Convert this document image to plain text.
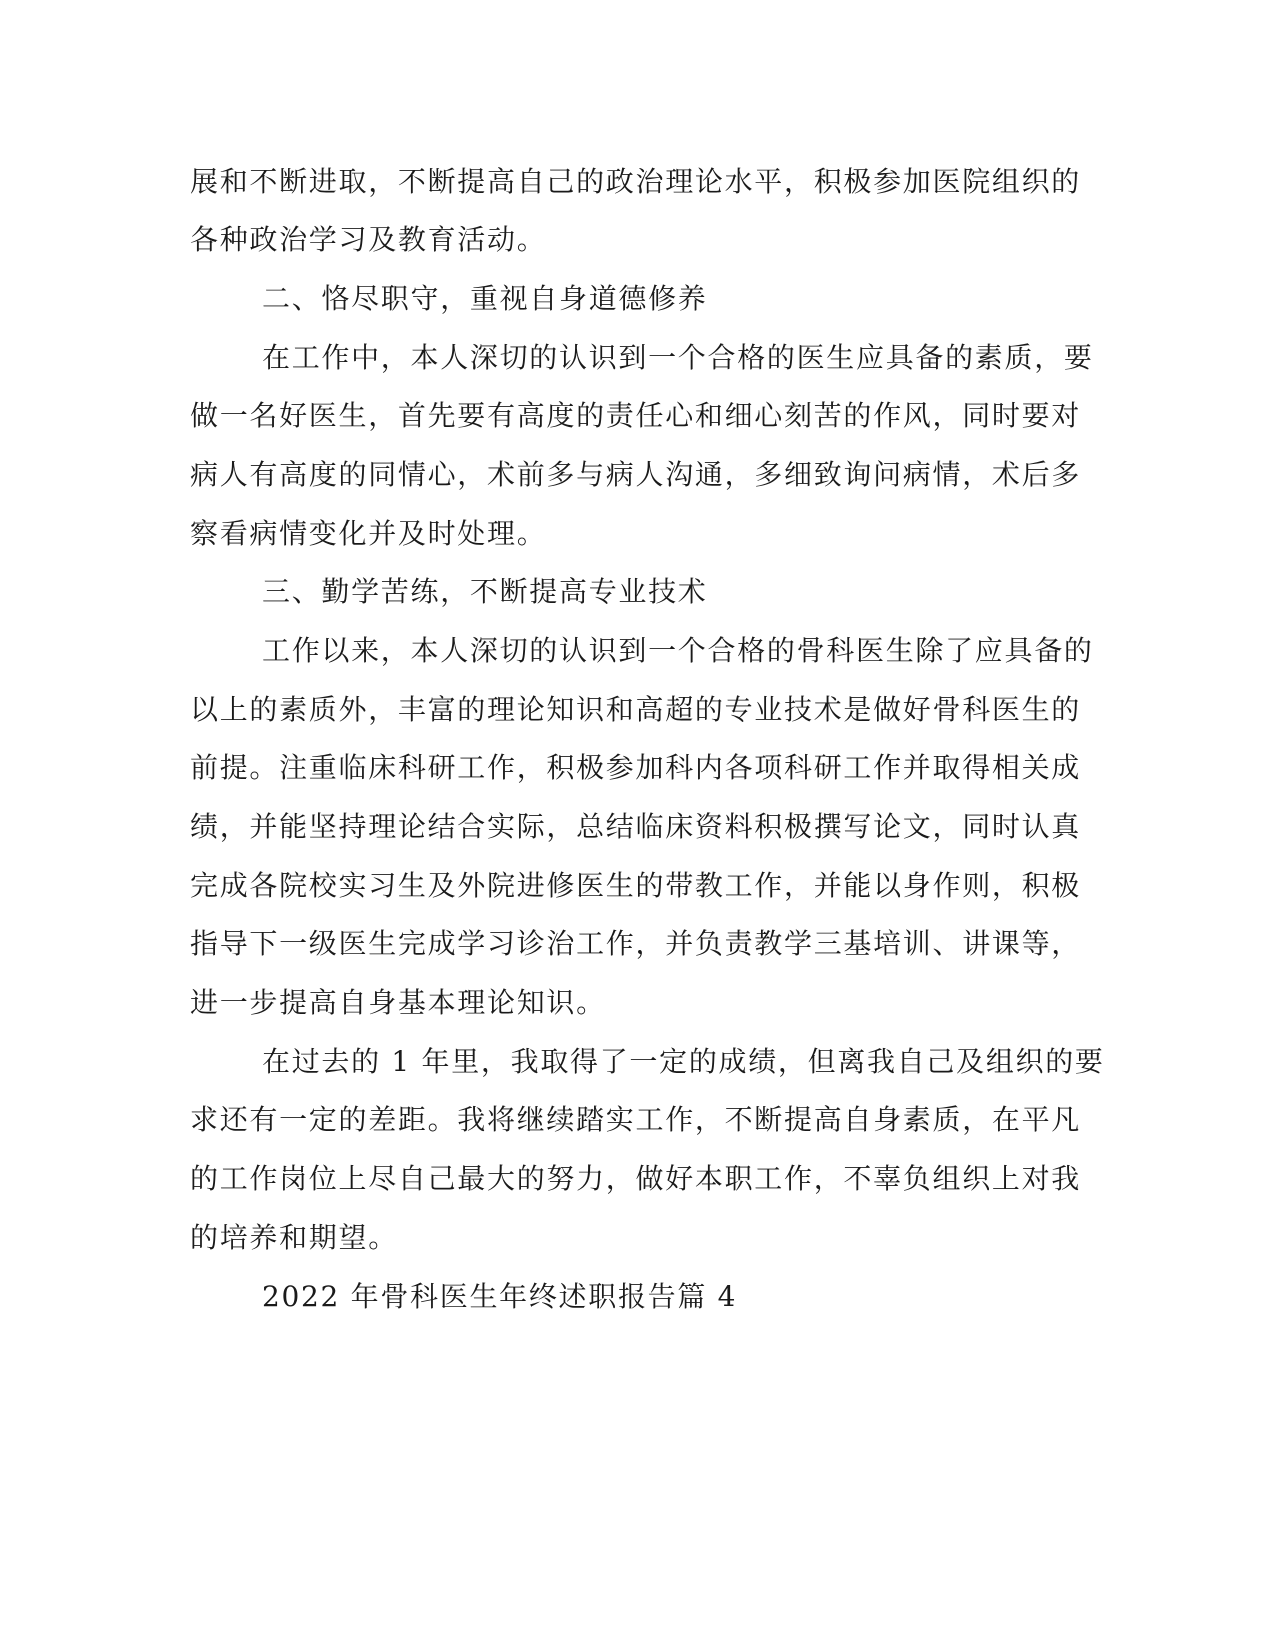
展和不断进取，不断提高自己的政治理论水平，积极参加医院组织的

各种政治学习及教育活动。

二、恪尽职守，重视自身道德修养

在工作中，本人深切的认识到一个合格的医生应具备的素质，要

做一名好医生，首先要有高度的责任心和细心刻苦的作风，同时要对

病人有高度的同情心，术前多与病人沟通，多细致询问病情，术后多

察看病情变化并及时处理。

三、勤学苦练，不断提高专业技术

工作以来，本人深切的认识到一个合格的骨科医生除了应具备的

以上的素质外，丰富的理论知识和高超的专业技术是做好骨科医生的

前提。注重临床科研工作，积极参加科内各项科研工作并取得相关成

绩，并能坚持理论结合实际，总结临床资料积极撰写论文，同时认真

完成各院校实习生及外院进修医生的带教工作，并能以身作则，积极

指导下一级医生完成学习诊治工作，并负责教学三基培训、讲课等，

进一步提高自身基本理论知识。

在过去的 1 年里，我取得了一定的成绩，但离我自己及组织的要

求还有一定的差距。我将继续踏实工作，不断提高自身素质，在平凡

的工作岗位上尽自己最大的努力，做好本职工作，不辜负组织上对我

的培养和期望。

2022 年骨科医生年终述职报告篇 4
